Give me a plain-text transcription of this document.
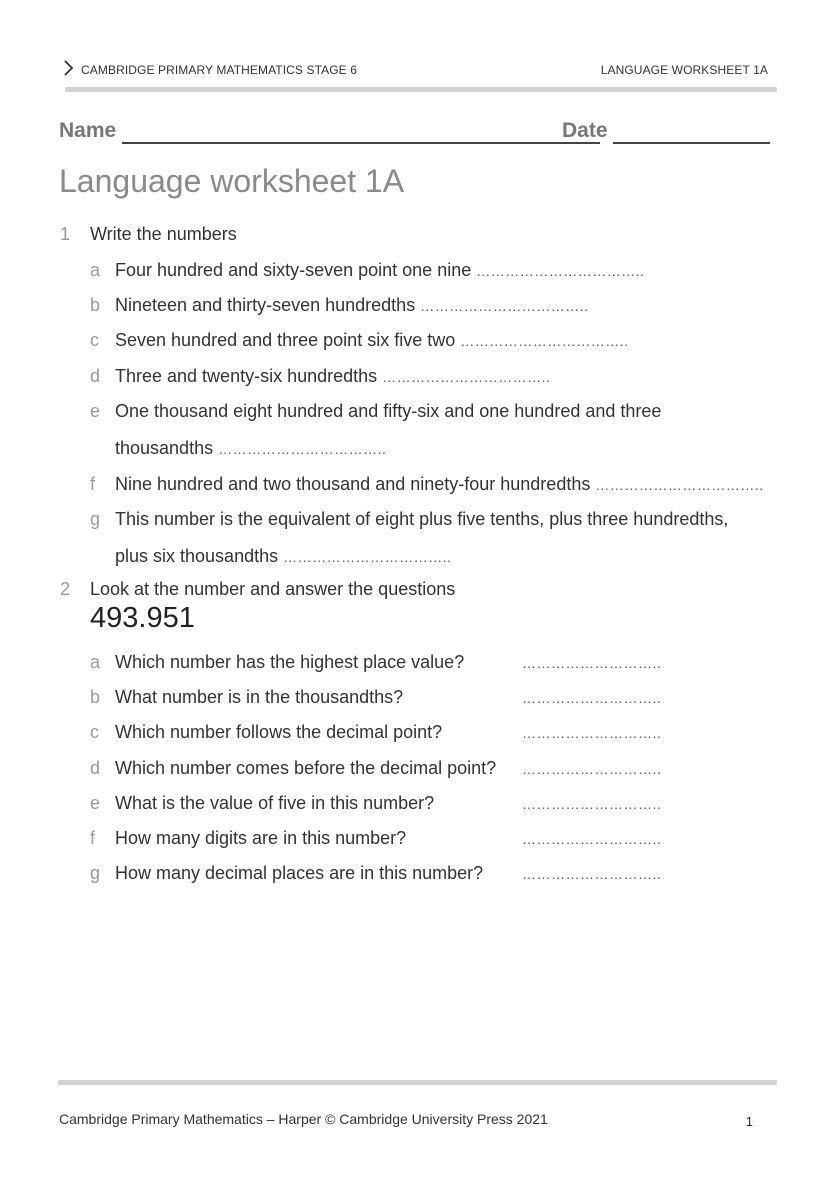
CAMBRIDGE PRIMARY MATHEMATICS STAGE 6	LANGUAGE WORKSHEET 1A
Name	Date
Language worksheet 1A
1 Write the numbers
a Four hundred and sixty-seven point one nine ……………………………..
b Nineteen and thirty-seven hundredths ……………………………..
c Seven hundred and three point six five two ……………………………..
d Three and twenty-six hundredths ……………………………..
e One thousand eight hundred and fifty-six and one hundred and three thousandths ……………………………..
f	Nine hundred and two thousand and ninety-four hundredths ……………………………..
g This number is the equivalent of eight plus five tenths, plus three hundredths, plus six thousandths ……………………………..
2 Look at the number and answer the questions
493.951
a Which number has the highest place value?	………………………..
b What number is in the thousandths?	………………………..
c Which number follows the decimal point?	………………………..
d Which number comes before the decimal point? ………………………..
e What is the value of five in this number?	………………………..
f How many digits are in this number?	………………………..
g How many decimal places are in this number?	………………………..
Cambridge Primary Mathematics – Harper © Cambridge University Press 2021	1
